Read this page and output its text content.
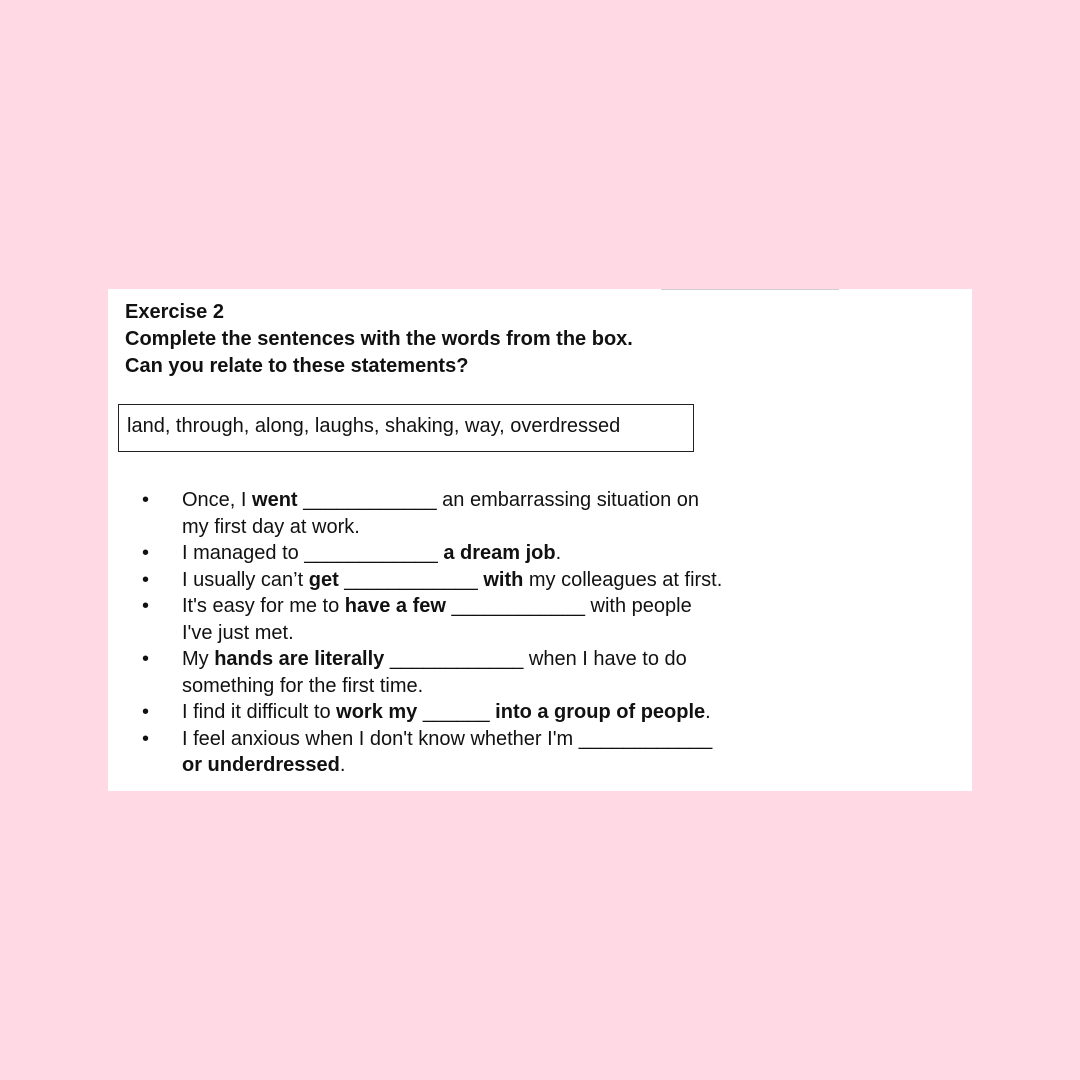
Exercise 2
Complete the sentences with the words from the box.
Can you relate to these statements?
land, through, along, laughs, shaking, way, overdressed
•	Once, I went ____________ an embarrassing situation on
my first day at work.
•	I managed to ____________ a dream job.
•	I usually can’t get ____________ with my colleagues at first.
•	It's easy for me to have a few ____________ with people
I've just met.
•	My hands are literally ____________ when I have to do
something for the first time.
•	I find it difficult to work my ______ into a group of people.
•	I feel anxious when I don't know whether I'm ____________
or underdressed.
